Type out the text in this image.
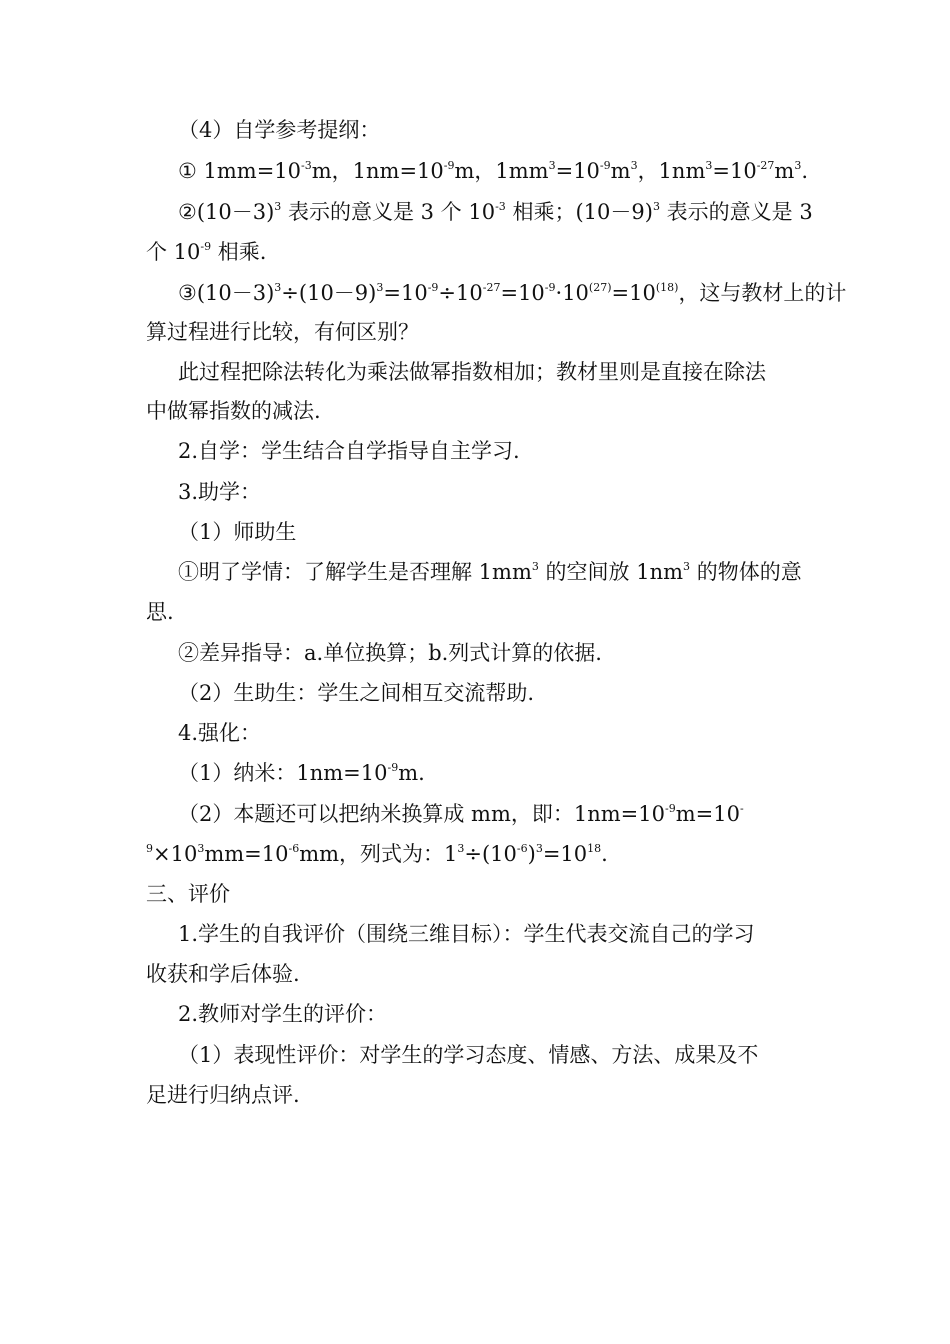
（4）自学参考提纲：
① $1mm=10^{-3}m$，$1nm=10^{-9}m$，$1mm^3=10^{-9}m^3$，$1nm^3=10^{-27}m^3$.
$②(10-3)^3$ 表示的意义是 3 个 $10^{-3}$ 相乘；$(10-9)^3$ 表示的意义是 3
个 $10^{-9}$ 相乘.
$③(10-3)^3\div(10-9)^3=10^{-9}\div 10^{-27}=10^{-9}\cdot 10^{(27)}=10^{(18)}$，这与教材上的计
算过程进行比较，有何区别？
此过程把除法转化为乘法做幂指数相加；教材里则是直接在除法
中做幂指数的减法.
2.自学：学生结合自学指导自主学习.
3.助学：
（1）师助生
①明了学情：了解学生是否理解 $1mm^3$ 的空间放 $1nm^3$ 的物体的意
思.
②差异指导：a.单位换算；b.列式计算的依据.
（2）生助生：学生之间相互交流帮助.
4.强化：
（1）纳米：$1nm=10^{-9}m$.
（2）本题还可以把纳米换算成 mm，即：$1nm=10^{-9}m=10^-$
$^9\times 10^3mm=10^{-6}mm$，列式为：$1^3\div(10^{-6})^3=10^{18}$.
三、评价
1.学生的自我评价（围绕三维目标）：学生代表交流自己的学习
收获和学后体验.
2.教师对学生的评价：
（1）表现性评价：对学生的学习态度、情感、方法、成果及不
足进行归纳点评.
